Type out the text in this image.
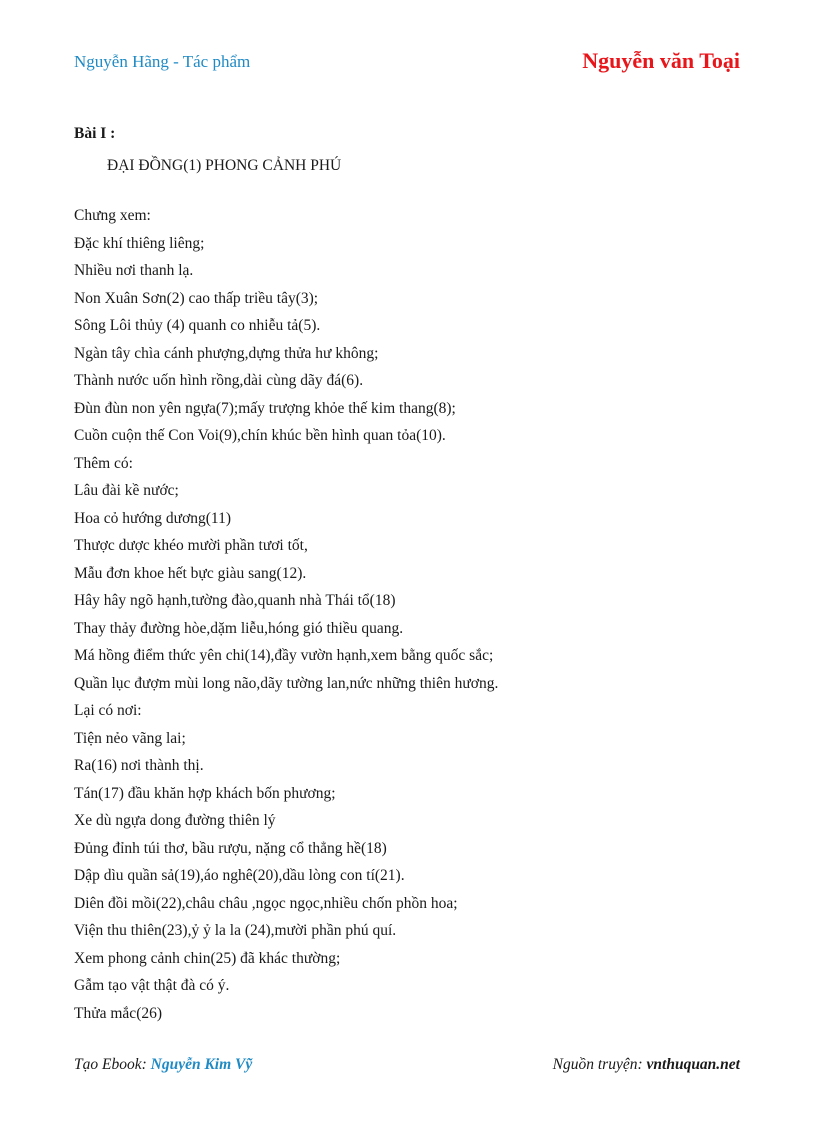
Nguyễn Hãng - Tác phẩm	Nguyễn văn Toại
Bài I :
ĐẠI ĐỒNG(1) PHONG CẢNH PHÚ
Chưng xem:
Đặc khí thiêng liêng;
Nhiều nơi thanh lạ.
Non Xuân Sơn(2) cao thấp triều tây(3);
Sông Lôi thủy (4) quanh co nhiễu tả(5).
Ngàn tây chìa cánh phượng,dựng thửa hư không;
Thành nước uốn hình rồng,dài cùng dãy đá(6).
Đùn đùn non yên ngựa(7);mấy trượng khỏe thế kim thang(8);
Cuồn cuộn thế Con Voi(9),chín khúc bền hình quan tỏa(10).
Thêm có:
Lâu đài kề nước;
Hoa cỏ hướng dương(11)
Thược dược khéo mười phần tươi tốt,
Mẫu đơn khoe hết bực giàu sang(12).
Hây hây ngõ hạnh,tường đào,quanh nhà Thái tổ(18)
Thay thảy đường hòe,dặm liễu,hóng gió thiều quang.
Má hồng điểm thức yên chi(14),đầy vườn hạnh,xem bằng quốc sắc;
Quần lục đượm mùi long não,dãy tường lan,nức những thiên hương.
Lại có nơi:
Tiện nẻo vãng lai;
Ra(16) nơi thành thị.
Tán(17) đầu khăn hợp khách bốn phương;
Xe dù ngựa dong đường thiên lý
Đủng đỉnh túi thơ, bầu rượu, nặng cổ thẳng hề(18)
Dập dìu quần sả(19),áo nghê(20),dầu lòng con tí(21).
Diên đồi mồi(22),châu châu ,ngọc ngọc,nhiều chốn phồn hoa;
Viện thu thiên(23),ỷ ỷ la la (24),mười phần phú quí.
Xem phong cảnh chin(25) đã khác thường;
Gẫm tạo vật thật đà có ý.
Thửa mắc(26)
Tạo Ebook: Nguyễn Kim Vỹ	Nguồn truyện: vnthuquan.net
